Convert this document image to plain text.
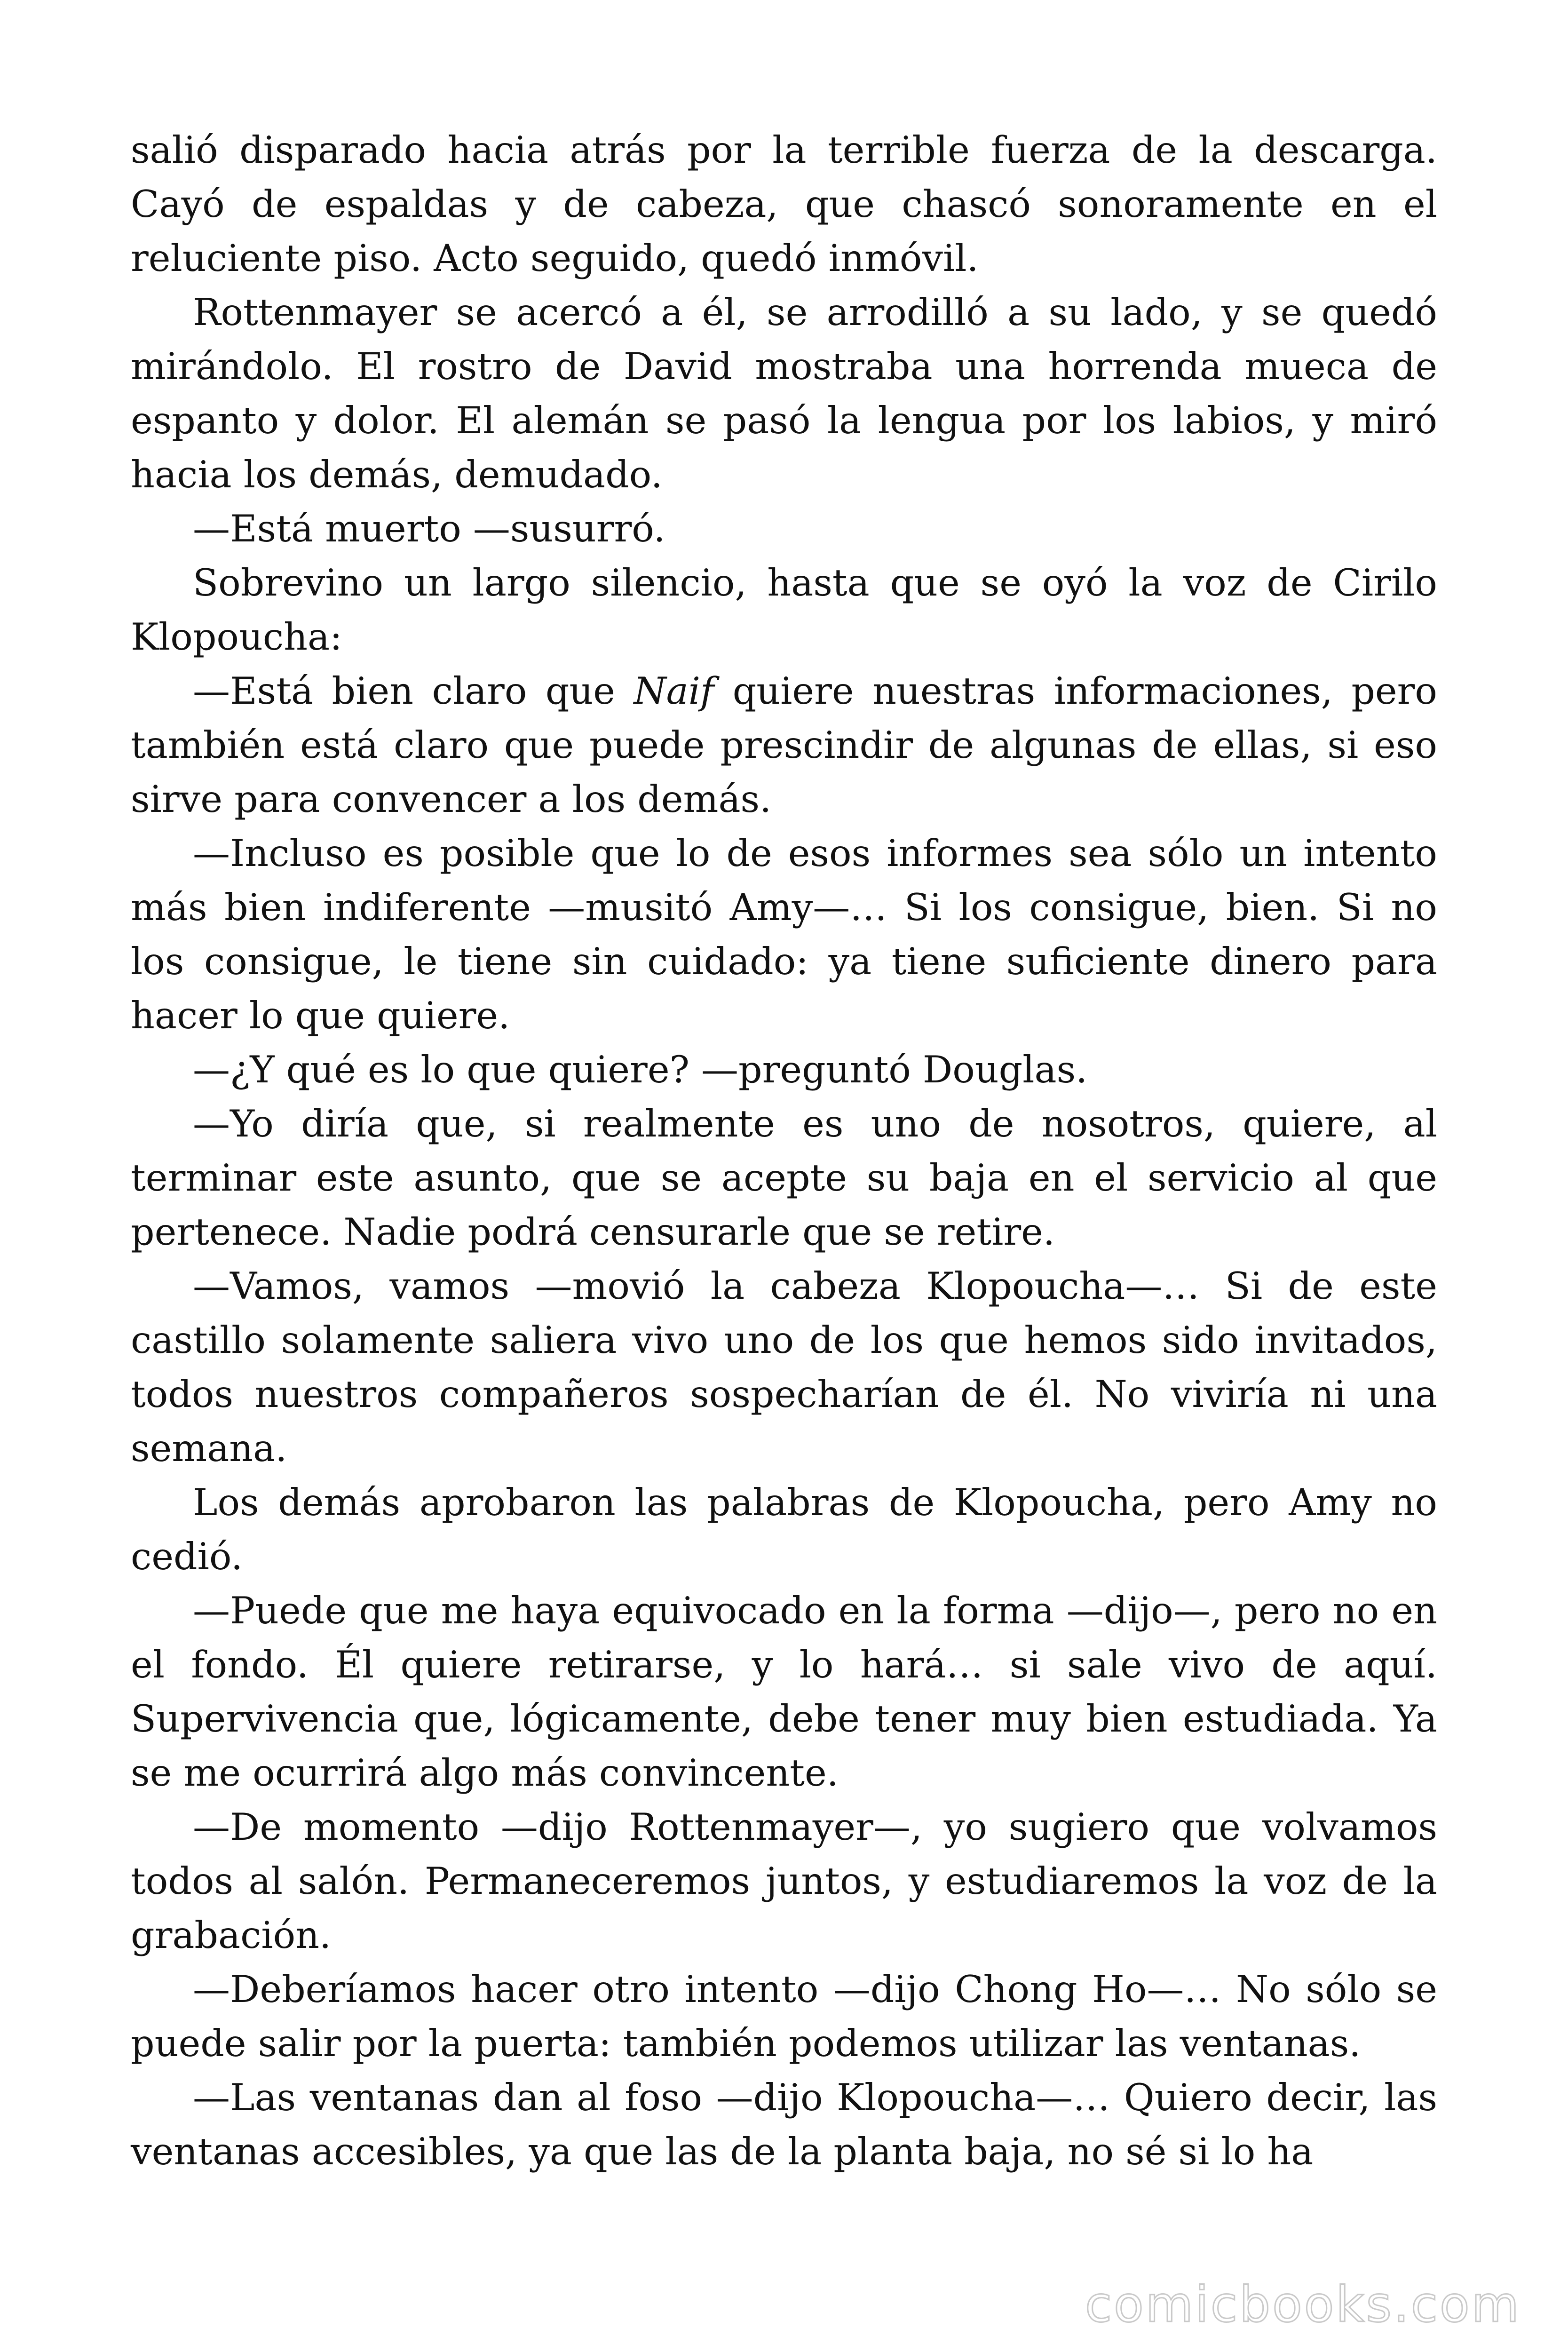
salió disparado hacia atrás por la terrible fuerza de la descarga. Cayó de espaldas y de cabeza, que chascó sonoramente en el reluciente piso. Acto seguido, quedó inmóvil.

Rottenmayer se acercó a él, se arrodilló a su lado, y se quedó mirándolo. El rostro de David mostraba una horrenda mueca de espanto y dolor. El alemán se pasó la lengua por los labios, y miró hacia los demás, demudado.

—Está muerto —susurró.

Sobrevino un largo silencio, hasta que se oyó la voz de Cirilo Klopoucha:

—Está bien claro que Naif quiere nuestras informaciones, pero también está claro que puede prescindir de algunas de ellas, si eso sirve para convencer a los demás.

—Incluso es posible que lo de esos informes sea sólo un intento más bien indiferente —musitó Amy—… Si los consigue, bien. Si no los consigue, le tiene sin cuidado: ya tiene suficiente dinero para hacer lo que quiere.

—¿Y qué es lo que quiere? —preguntó Douglas.

—Yo diría que, si realmente es uno de nosotros, quiere, al terminar este asunto, que se acepte su baja en el servicio al que pertenece. Nadie podrá censurarle que se retire.

—Vamos, vamos —movió la cabeza Klopoucha—… Si de este castillo solamente saliera vivo uno de los que hemos sido invitados, todos nuestros compañeros sospecharían de él. No viviría ni una semana.

Los demás aprobaron las palabras de Klopoucha, pero Amy no cedió.

—Puede que me haya equivocado en la forma —dijo—, pero no en el fondo. Él quiere retirarse, y lo hará… si sale vivo de aquí. Supervivencia que, lógicamente, debe tener muy bien estudiada. Ya se me ocurrirá algo más convincente.

—De momento —dijo Rottenmayer—, yo sugiero que volvamos todos al salón. Permaneceremos juntos, y estudiaremos la voz de la grabación.

—Deberíamos hacer otro intento —dijo Chong Ho—… No sólo se puede salir por la puerta: también podemos utilizar las ventanas.

—Las ventanas dan al foso —dijo Klopoucha—… Quiero decir, las ventanas accesibles, ya que las de la planta baja, no sé si lo ha

comicbooks.com
